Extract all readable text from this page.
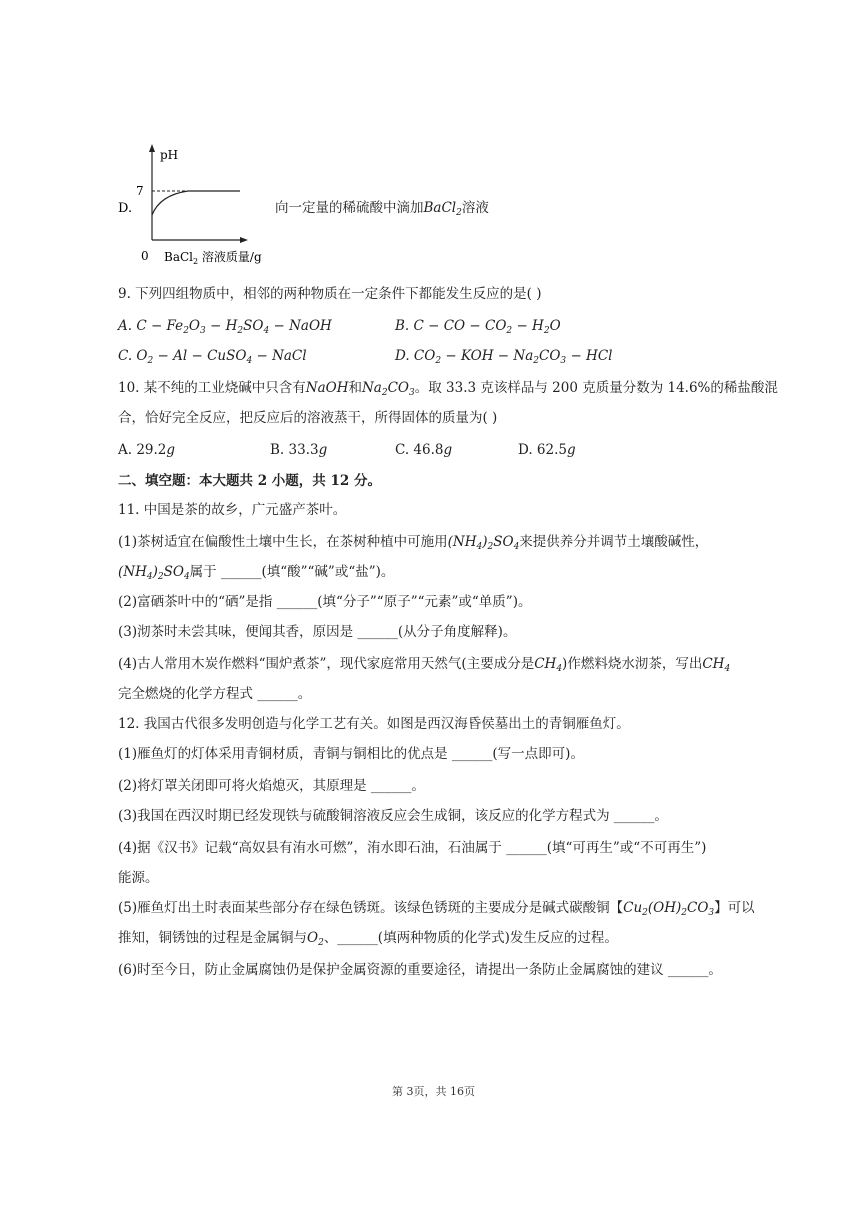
D.
pH
7
0 BaCl$_2$ 溶液质量/g
向一定量的稀硫酸中滴加BaCl$_2$溶液
9. 下列四组物质中，相邻的两种物质在一定条件下都能发生反应的是( )
A. $C - Fe_2O_3 - H_2SO_4$ − NaOH	B. C − CO − $CO_2 - H_2O$
C. $O_2 - Al$ − CuSO$_4$ − NaCl	D. $CO_2$ − KOH − $Na_2CO_3$ − HCl
10. 某不纯的工业烧碱中只含有NaOH和$Na_2CO_3$。取 33.3 克该样品与 200 克质量分数为 14.6%的稀盐酸混
合，恰好完全反应，把反应后的溶液蒸干，所得固体的质量为( )
A. 29.2g	B. 33.3g	C. 46.8g	D. 62.5g
二、填空题：本大题共 2 小题，共 12 分。
11. 中国是茶的故乡，广元盛产茶叶。
(1)茶树适宜在偏酸性土壤中生长，在茶树种植中可施用$(NH_4)_2SO_4$来提供养分并调节土壤酸碱性，
$(NH_4)_2SO_4$属于 ______(填“酸”“碱”或“盐”)。
(2)富硒茶叶中的“硒”是指 ______(填“分子”“原子”“元素”或“单质”)。
(3)沏茶时未尝其味，便闻其香，原因是 ______(从分子角度解释)。
(4)古人常用木炭作燃料“围炉煮茶”，现代家庭常用天然气(主要成分是$CH_4$)作燃料烧水沏茶，写出$CH_4$
完全燃烧的化学方程式 ______。
12. 我国古代很多发明创造与化学工艺有关。如图是西汉海昏侯墓出土的青铜雁鱼灯。
(1)雁鱼灯的灯体采用青铜材质，青铜与铜相比的优点是 ______(写一点即可)。
(2)将灯罩关闭即可将火焰熄灭，其原理是 ______。
(3)我国在西汉时期已经发现铁与硫酸铜溶液反应会生成铜，该反应的化学方程式为 ______。
(4)据《汉书》记载“高奴县有洧水可燃”，洧水即石油，石油属于 ______(填“可再生”或“不可再生”)
能源。
(5)雁鱼灯出土时表面某些部分存在绿色锈斑。该绿色锈斑的主要成分是碱式碳酸铜【$Cu_2(OH)_2CO_3$】可以
推知，铜锈蚀的过程是金属铜与$O_2$、______(填两种物质的化学式)发生反应的过程。
(6)时至今日，防止金属腐蚀仍是保护金属资源的重要途径，请提出一条防止金属腐蚀的建议 ______。
第 3页，共 16页
